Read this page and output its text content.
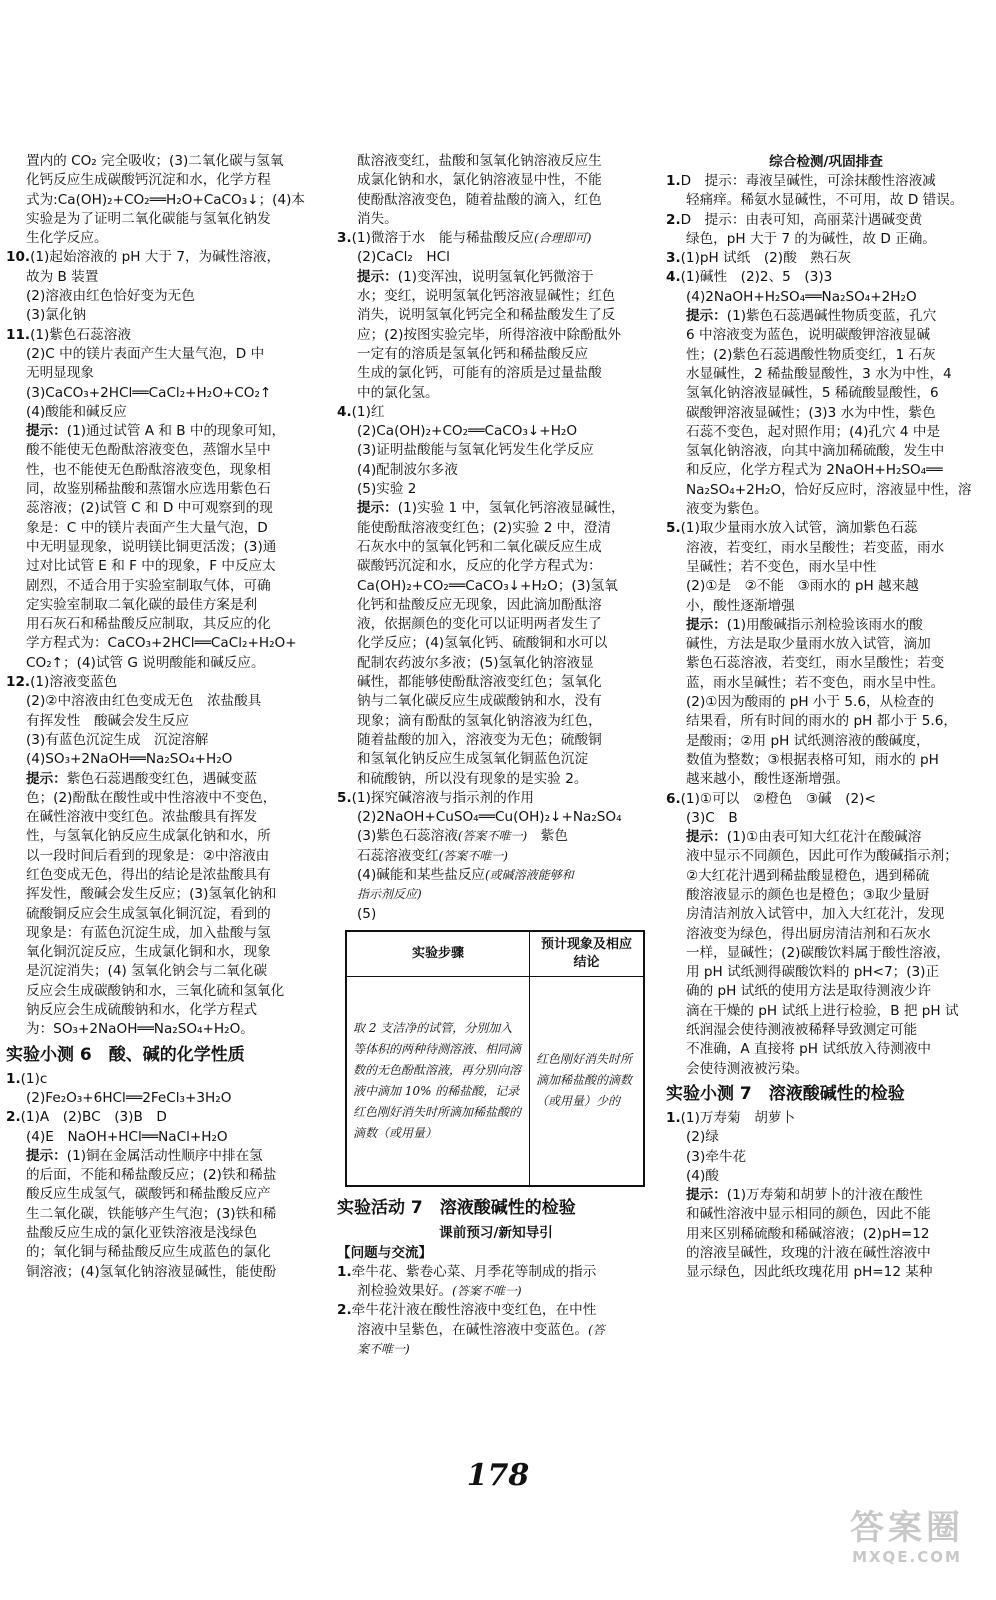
置内的 CO₂ 完全吸收；(3)二氧化碳与氢氧
化钙反应生成碳酸钙沉淀和水，化学方程
式为:Ca(OH)₂+CO₂══H₂O+CaCO₃↓；(4)本
实验是为了证明二氧化碳能与氢氧化钠发
生化学反应。
10.(1)起始溶液的 pH 大于 7，为碱性溶液，
故为 B 装置
(2)溶液由红色恰好变为无色
(3)氯化钠
11.(1)紫色石蕊溶液
(2)C 中的镁片表面产生大量气泡，D 中
无明显现象
(3)CaCO₃+2HCl══CaCl₂+H₂O+CO₂↑
(4)酸能和碱反应
提示：(1)通过试管 A 和 B 中的现象可知，
酸不能使无色酚酞溶液变色，蒸馏水呈中
性，也不能使无色酚酞溶液变色，现象相
同，故鉴别稀盐酸和蒸馏水应选用紫色石
蕊溶液；(2)试管 C 和 D 中可观察到的现
象是：C 中的镁片表面产生大量气泡，D
中无明显现象，说明镁比铜更活泼；(3)通
过对比试管 E 和 F 中的现象，F 中反应太
剧烈，不适合用于实验室制取气体，可确
定实验室制取二氧化碳的最佳方案是利
用石灰石和稀盐酸反应制取，其反应的化
学方程式为：CaCO₃+2HCl══CaCl₂+H₂O+
CO₂↑；(4)试管 G 说明酸能和碱反应。
12.(1)溶液变蓝色
(2)②中溶液由红色变成无色　浓盐酸具
有挥发性　酸碱会发生反应
(3)有蓝色沉淀生成　沉淀溶解
(4)SO₃+2NaOH══Na₂SO₄+H₂O
提示：紫色石蕊遇酸变红色，遇碱变蓝
色；(2)酚酞在酸性或中性溶液中不变色，
在碱性溶液中变红色。浓盐酸具有挥发
性，与氢氧化钠反应生成氯化钠和水，所
以一段时间后看到的现象是：②中溶液由
红色变成无色，得出的结论是浓盐酸具有
挥发性，酸碱会发生反应；(3)氢氧化钠和
硫酸铜反应会生成氢氧化铜沉淀，看到的
现象是：有蓝色沉淀生成，加入盐酸与氢
氧化铜沉淀反应，生成氯化铜和水，现象
是沉淀消失；(4) 氢氧化钠会与二氧化碳
反应会生成碳酸钠和水，三氧化硫和氢氧化
钠反应会生成硫酸钠和水，化学方程式
为：SO₃+2NaOH══Na₂SO₄+H₂O。
实验小测 6　酸、碱的化学性质
1.(1)c
(2)Fe₂O₃+6HCl══2FeCl₃+3H₂O
2.(1)A　(2)BC　(3)B　D
(4)E　NaOH+HCl══NaCl+H₂O
提示：(1)铜在金属活动性顺序中排在氢
的后面，不能和稀盐酸反应；(2)铁和稀盐
酸反应生成氢气，碳酸钙和稀盐酸反应产
生二氧化碳，铁能够产生气泡；(3)铁和稀
盐酸反应生成的氯化亚铁溶液是浅绿色
的；氧化铜与稀盐酸反应生成蓝色的氯化
铜溶液；(4)氢氧化钠溶液显碱性，能使酚
酞溶液变红，盐酸和氢氧化钠溶液反应生
成氯化钠和水，氯化钠溶液显中性，不能
使酚酞溶液变色，随着盐酸的滴入，红色
消失。
3.(1)微溶于水　能与稀盐酸反应(合理即可)
(2)CaCl₂　HCl
提示：(1)变浑浊，说明氢氧化钙微溶于
水；变红，说明氢氧化钙溶液显碱性；红色
消失，说明氢氧化钙完全和稀盐酸发生了反
应；(2)按图实验完毕，所得溶液中除酚酞外
一定有的溶质是氢氧化钙和稀盐酸反应
生成的氯化钙，可能有的溶质是过量盐酸
中的氯化氢。
4.(1)红
(2)Ca(OH)₂+CO₂══CaCO₃↓+H₂O
(3)证明盐酸能与氢氧化钙发生化学反应
(4)配制波尔多液
(5)实验 2
提示：(1)实验 1 中，氢氧化钙溶液显碱性，
能使酚酞溶液变红色；(2)实验 2 中，澄清
石灰水中的氢氧化钙和二氧化碳反应生成
碳酸钙沉淀和水，反应的化学方程式为：
Ca(OH)₂+CO₂══CaCO₃↓+H₂O；(3)氢氧
化钙和盐酸反应无现象，因此滴加酚酞溶
液，依据颜色的变化可以证明两者发生了
化学反应；(4)氢氧化钙、硫酸铜和水可以
配制农药波尔多液；(5)氢氧化钠溶液显
碱性，都能够使酚酞溶液变红色；氢氧化
钠与二氧化碳反应生成碳酸钠和水，没有
现象；滴有酚酞的氢氧化钠溶液为红色，
随着盐酸的加入，溶液变为无色；硫酸铜
和氢氧化钠反应生成氢氧化铜蓝色沉淀
和硫酸钠，所以没有现象的是实验 2。
5.(1)探究碱溶液与指示剂的作用
(2)2NaOH+CuSO₄══Cu(OH)₂↓+Na₂SO₄
(3)紫色石蕊溶液(答案不唯一)　紫色
石蕊溶液变红(答案不唯一)
(4)碱能和某些盐反应(或碱溶液能够和
指示剂反应)
(5)
实验步骤	预计现象及相应结论
取 2 支洁净的试管，分别加入等体积的两种待测溶液、相同滴数的无色酚酞溶液，再分别向溶液中滴加 10% 的稀盐酸，记录红色刚好消失时所滴加稀盐酸的滴数（或用量）	红色刚好消失时所滴加稀盐酸的滴数（或用量）少的
实验活动 7　溶液酸碱性的检验
课前预习/新知导引
【问题与交流】
1.牵牛花、紫卷心菜、月季花等制成的指示
剂检验效果好。(答案不唯一)
2.牵牛花汁液在酸性溶液中变红色，在中性
溶液中呈紫色，在碱性溶液中变蓝色。(答
案不唯一)
综合检测/巩固排查
1.D　提示：毒液呈碱性，可涂抹酸性溶液减
轻痛痒。稀氨水显碱性，不可用，故 D 错误。
2.D　提示：由表可知，高丽菜汁遇碱变黄
绿色，pH 大于 7 的为碱性，故 D 正确。
3.(1)pH 试纸　(2)酸　熟石灰
4.(1)碱性　(2)2、5　(3)3
(4)2NaOH+H₂SO₄══Na₂SO₄+2H₂O
提示：(1)紫色石蕊遇碱性物质变蓝，孔穴
6 中溶液变为蓝色，说明碳酸钾溶液显碱
性；(2)紫色石蕊遇酸性物质变红，1 石灰
水显碱性，2 稀盐酸显酸性，3 水为中性，4
氢氧化钠溶液显碱性，5 稀硫酸显酸性，6
碳酸钾溶液显碱性；(3)3 水为中性，紫色
石蕊不变色，起对照作用；(4)孔穴 4 中是
氢氧化钠溶液，向其中滴加稀硫酸，发生中
和反应，化学方程式为 2NaOH+H₂SO₄══
Na₂SO₄+2H₂O，恰好反应时，溶液显中性，溶
液变为紫色。
5.(1)取少量雨水放入试管，滴加紫色石蕊
溶液，若变红，雨水呈酸性；若变蓝，雨水
呈碱性；若不变色，雨水呈中性
(2)①是　②不能　③雨水的 pH 越来越
小，酸性逐渐增强
提示：(1)用酸碱指示剂检验该雨水的酸
碱性，方法是取少量雨水放入试管，滴加
紫色石蕊溶液，若变红，雨水呈酸性；若变
蓝，雨水呈碱性；若不变色，雨水呈中性。
(2)①因为酸雨的 pH 小于 5.6，从检查的
结果看，所有时间的雨水的 pH 都小于 5.6，
是酸雨；②用 pH 试纸测溶液的酸碱度，
数值为整数；③根据表格可知，雨水的 pH
越来越小，酸性逐渐增强。
6.(1)①可以　②橙色　③碱　(2)<
(3)C　B
提示：(1)①由表可知大红花汁在酸碱溶
液中显示不同颜色，因此可作为酸碱指示剂；
②大红花汁遇到稀盐酸显橙色，遇到稀硫
酸溶液显示的颜色也是橙色；③取少量厨
房清洁剂放入试管中，加入大红花汁，发现
溶液变为绿色，得出厨房清洁剂和石灰水
一样，显碱性；(2)碳酸饮料属于酸性溶液，
用 pH 试纸测得碳酸饮料的 pH<7；(3)正
确的 pH 试纸的使用方法是取待测液少许
滴在干燥的 pH 试纸上进行检验，B 把 pH 试
纸润湿会使待测液被稀释导致测定可能
不准确，A 直接将 pH 试纸放入待测液中
会使待测液被污染。
实验小测 7　溶液酸碱性的检验
1.(1)万寿菊　胡萝卜
(2)绿
(3)牵牛花
(4)酸
提示：(1)万寿菊和胡萝卜的汁液在酸性
和碱性溶液中显示相同的颜色，因此不能
用来区别稀硫酸和稀碱溶液；(2)pH=12
的溶液呈碱性，玫瑰的汁液在碱性溶液中
显示绿色，因此纸玫瑰花用 pH=12 某种
178
答案圈
MXQE.COM
